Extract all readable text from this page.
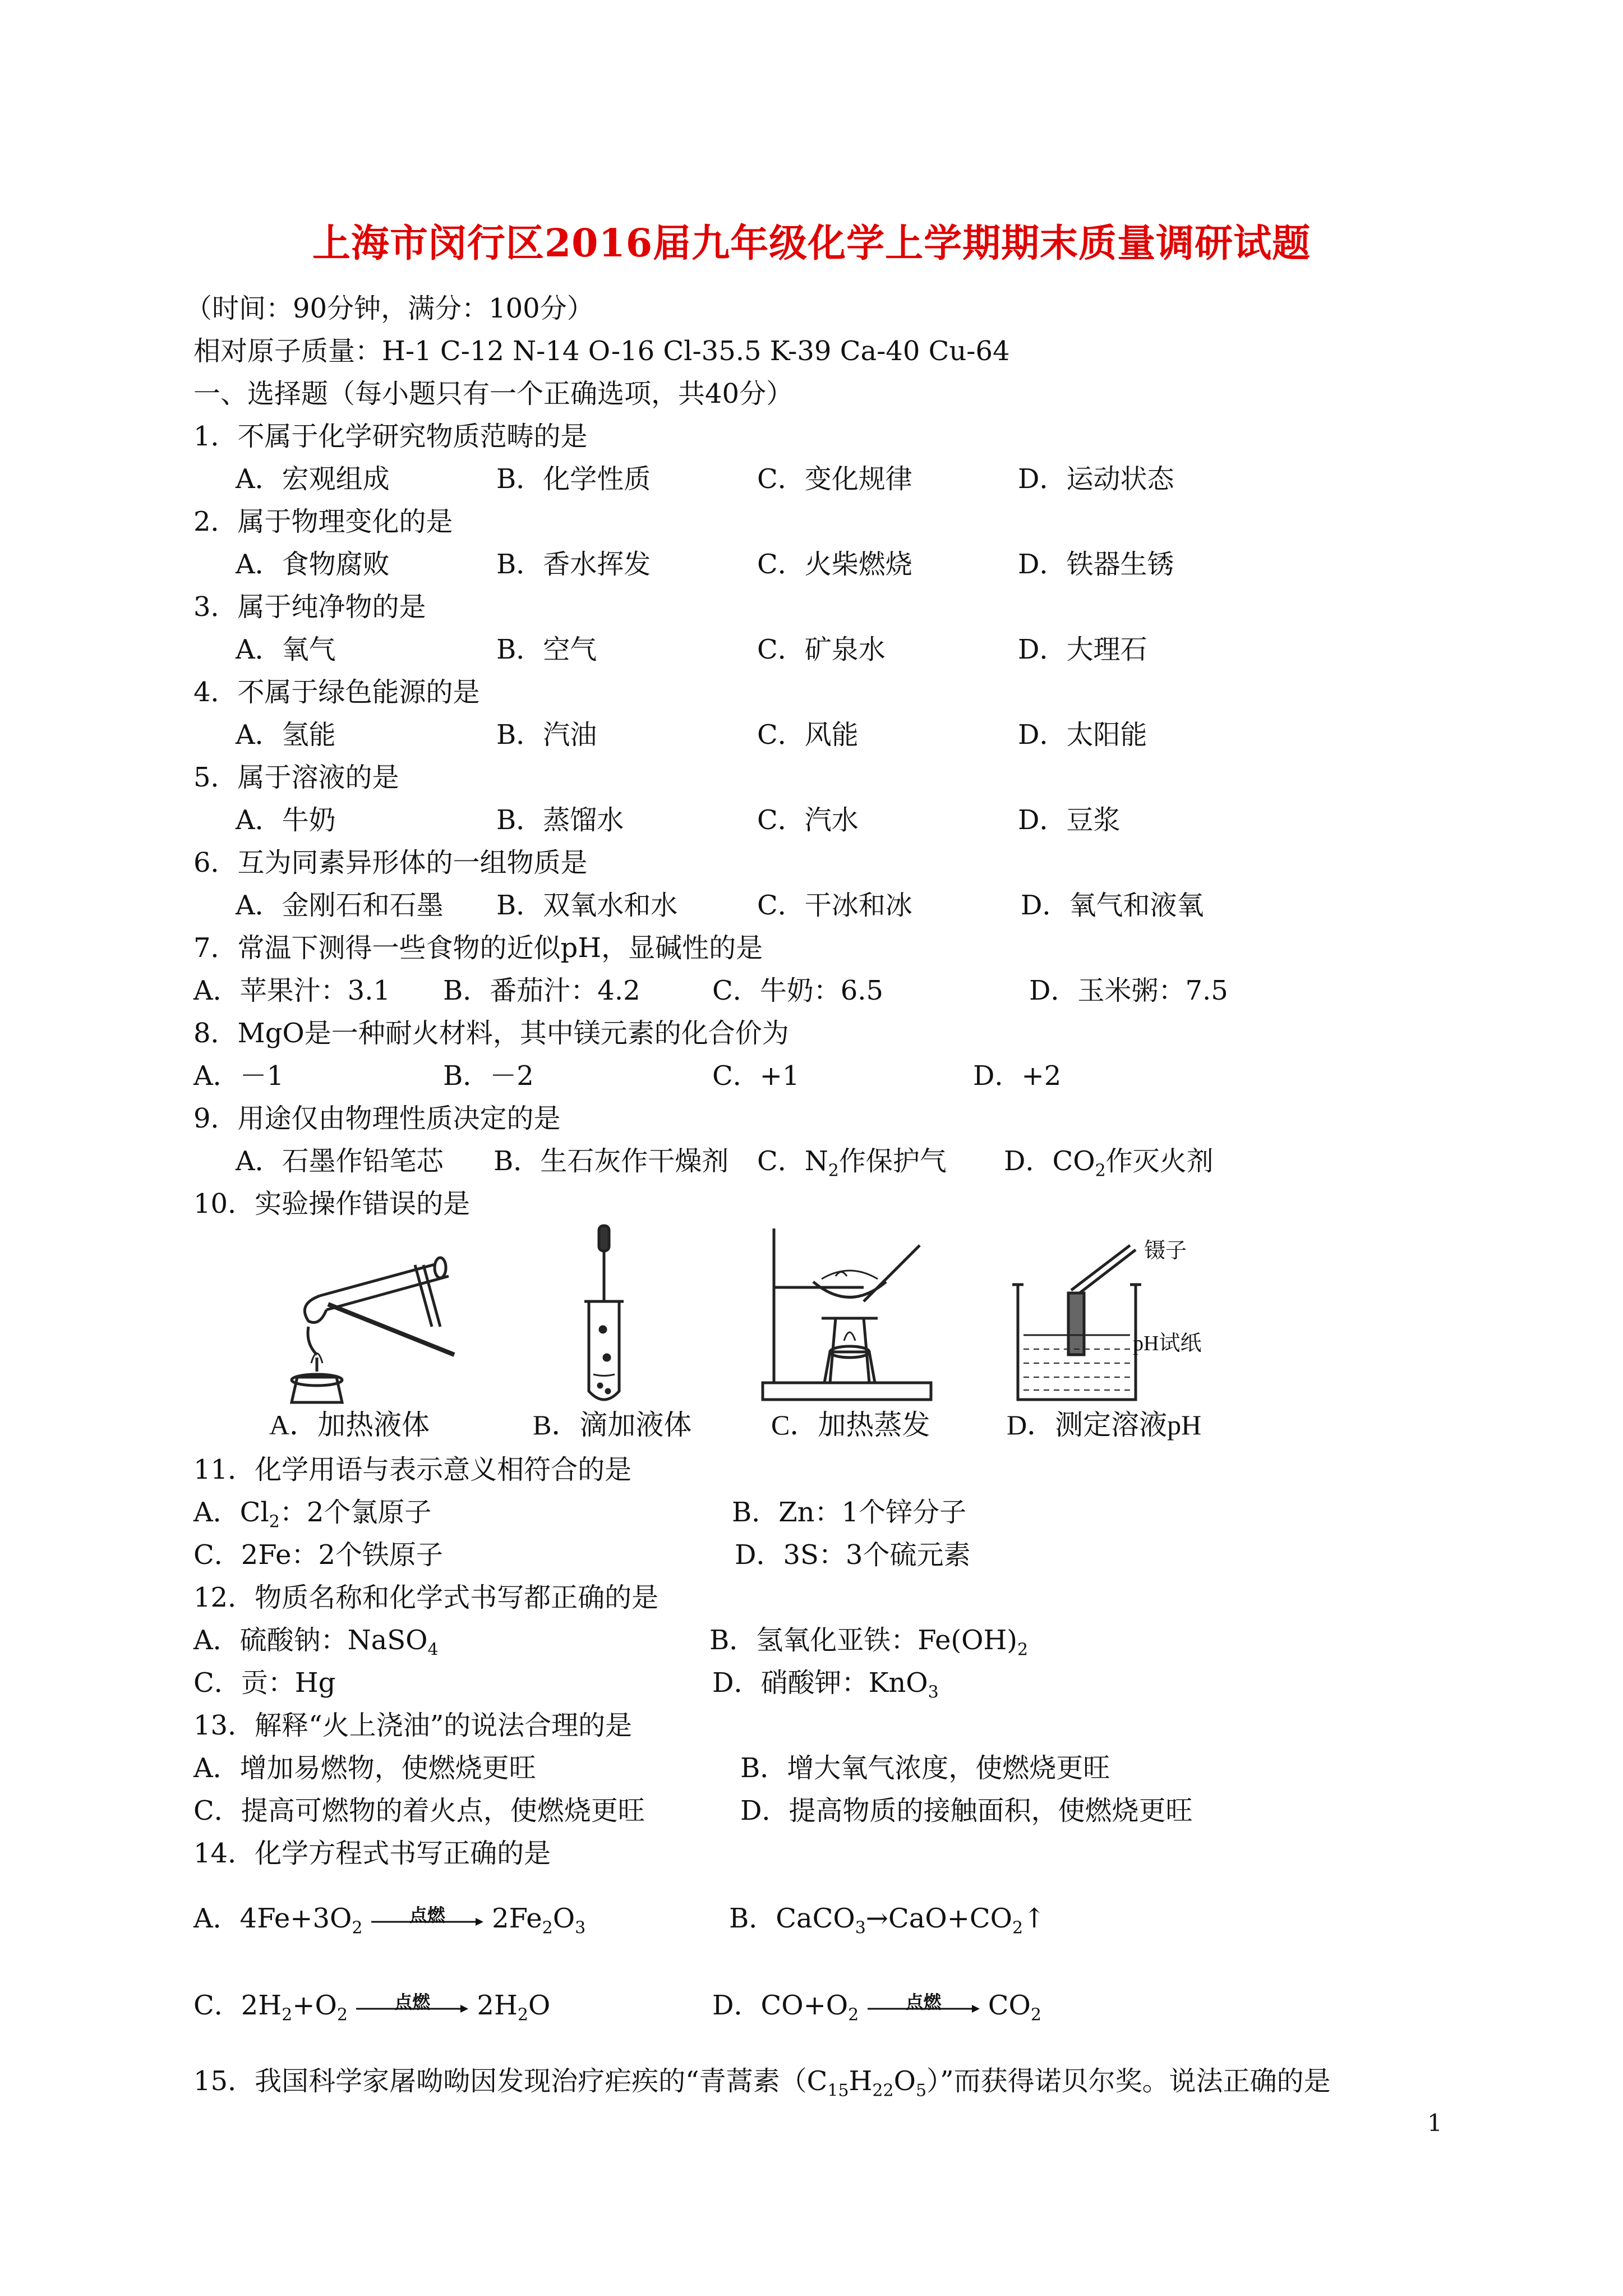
上海市闵行区2016届九年级化学上学期期末质量调研试题
（时间：90分钟，满分：100分）
相对原子质量：H-1 C-12 N-14 O-16 Cl-35.5 K-39 Ca-40 Cu-64
一、选择题（每小题只有一个正确选项，共40分）
1．不属于化学研究物质范畴的是
A．宏观组成	B．化学性质	C．变化规律	D．运动状态
2．属于物理变化的是
A．食物腐败	B．香水挥发	C．火柴燃烧	D．铁器生锈
3．属于纯净物的是
A．氧气	B．空气	C．矿泉水	D．大理石
4．不属于绿色能源的是
A．氢能	B．汽油	C．风能	D．太阳能
5．属于溶液的是
A．牛奶	B．蒸馏水	C．汽水	D．豆浆
6．互为同素异形体的一组物质是
A．金刚石和石墨 B．双氧水和水	C．干冰和冰	D．氧气和液氧
7．常温下测得一些食物的近似pH，显碱性的是
A．苹果汁：3.1 B．番茄汁：4.2	C．牛奶：6.5	D．玉米粥：7.5
8．MgO是一种耐火材料，其中镁元素的化合价为
A．－1	B．－2	C．+1	D．+2
9．用途仅由物理性质决定的是
A．石墨作铅笔芯 B．生石灰作干燥剂 C．$N_2$作保护气 D．$CO_2$作灭火剂
10．实验操作错误的是
A．加热液体	B．滴加液体	C．加热蒸发
镊子
pH试纸
D．测定溶液pH
11．化学用语与表示意义相符合的是
A．$Cl_2$：2个氯原子	B．Zn：1个锌分子
C．2Fe：2个铁原子	D．3S：3个硫元素
12．物质名称和化学式书写都正确的是
A．硫酸钠：NaSO$_4$	B．氢氧化亚铁：$Fe(OH)_2$
C．贡：Hg	D．硝酸钾：KnO$_3$
13．解释“火上浇油”的说法合理的是
A．增加易燃物，使燃烧更旺	B．增大氧气浓度，使燃烧更旺
C．提高可燃物的着火点，使燃烧更旺	D．提高物质的接触面积，使燃烧更旺
14．化学方程式书写正确的是
A．$4Fe+3O_2$
点燃	$2Fe_2O_3$	B．$CaCO_3\to CaO+CO_2↑$
C．$2H_2+O_2$
点燃	$2H_2O$	D．$CO+O_2$
点燃	$CO_2$
15．我国科学家屠呦呦因发现治疗疟疾的“青蒿素$(C_{15}H_{22}O_5)$”而获得诺贝尔奖。说法正确的是
1
